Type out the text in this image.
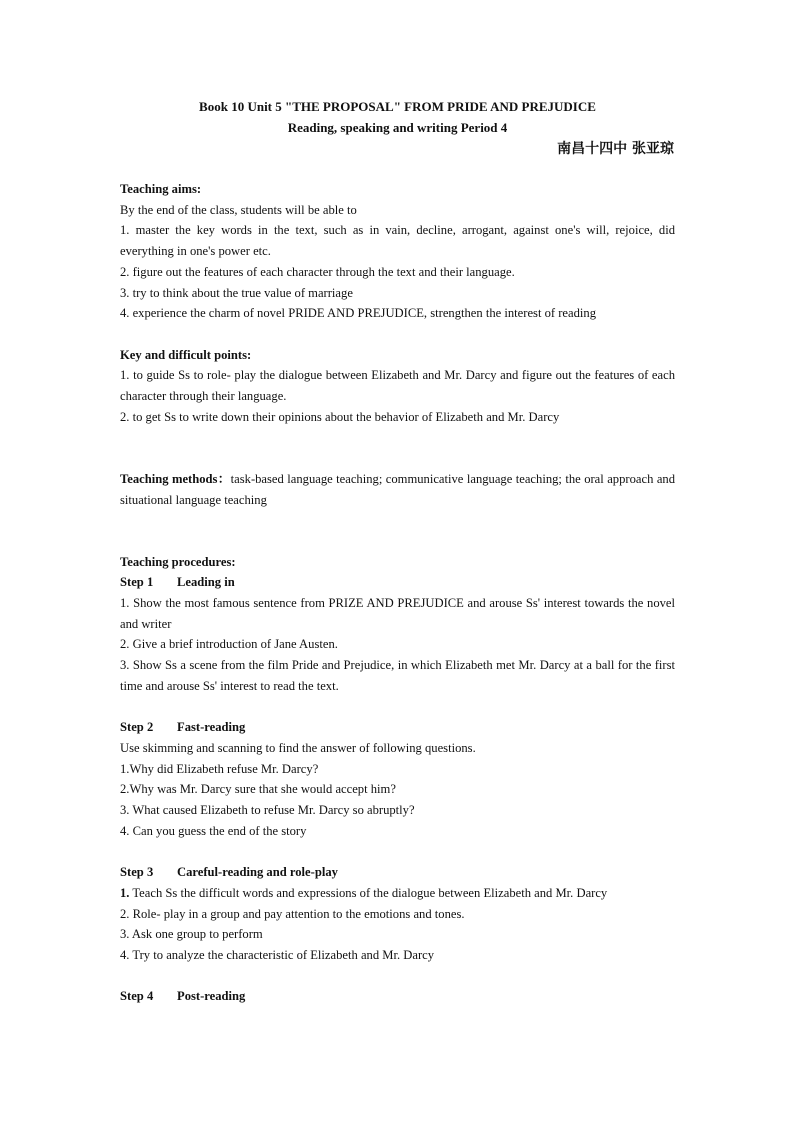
Book 10 Unit 5 "THE PROPOSAL" FROM PRIDE AND PREJUDICE
Reading, speaking and writing Period 4
南昌十四中 张亚琼

Teaching aims:

By the end of the class, students will be able to

1. master the key words in the text, such as in vain, decline, arrogant, against one's will, rejoice, did everything in one's power etc.

2. figure out the features of each character through the text and their language.

3. try to think about the true value of marriage

4. experience the charm of novel PRIDE AND PREJUDICE, strengthen the interest of reading

Key and difficult points:

1. to guide Ss to role- play the dialogue between Elizabeth and Mr. Darcy and figure out the features of each character through their language.

2. to get Ss to write down their opinions about the behavior of Elizabeth and Mr. Darcy

Teaching methods：task-based language teaching; communicative language teaching; the oral approach and situational language teaching

Teaching procedures:

Step 1 Leading in

1. Show the most famous sentence from PRIZE AND PREJUDICE and arouse Ss' interest towards the novel and writer

2. Give a brief introduction of Jane Austen.

3. Show Ss a scene from the film Pride and Prejudice, in which Elizabeth met Mr. Darcy at a ball for the first time and arouse Ss' interest to read the text.

Step 2 Fast-reading

Use skimming and scanning to find the answer of following questions.

1.Why did Elizabeth refuse Mr. Darcy?

2.Why was Mr. Darcy sure that she would accept him?

3. What caused Elizabeth to refuse Mr. Darcy so abruptly?

4. Can you guess the end of the story

Step 3 Careful-reading and role-play

1. Teach Ss the difficult words and expressions of the dialogue between Elizabeth and Mr. Darcy

2. Role- play in a group and pay attention to the emotions and tones.

3. Ask one group to perform

4. Try to analyze the characteristic of Elizabeth and Mr. Darcy

Step 4 Post-reading
